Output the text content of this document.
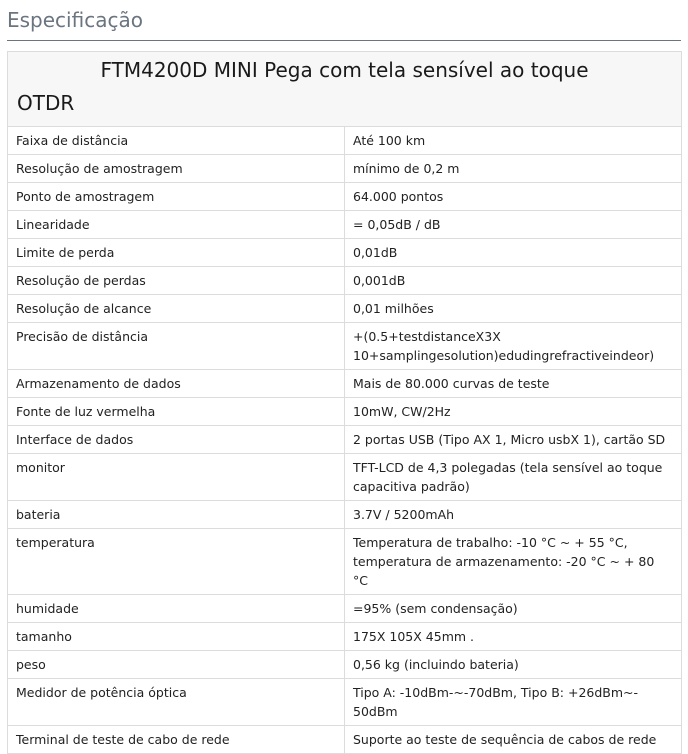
Especificação
FTM4200D MINI Pega com tela sensível ao toque
OTDR	

Faixa de distância	Até 100 km
Resolução de amostragem	mínimo de 0,2 m
Ponto de amostragem	64.000 pontos
Linearidade	= 0,05dB / dB
Limite de perda	0,01dB
Resolução de perdas	0,001dB
Resolução de alcance	0,01 milhões
Precisão de distância	+(0.5+testdistanceX3X 10+samplingesolution)edudingrefractiveindeor)
Armazenamento de dados	Mais de 80.000 curvas de teste
Fonte de luz vermelha	10mW, CW/2Hz
Interface de dados	2 portas USB (Tipo AX 1, Micro usbX 1), cartão SD
monitor	TFT-LCD de 4,3 polegadas (tela sensível ao toque capacitiva padrão)
bateria	3.7V / 5200mAh
temperatura	Temperatura de trabalho: -10 °C ~ + 55 °C, temperatura de armazenamento: -20 °C ~ + 80 °C
humidade	=95% (sem condensação)
tamanho	175X 105X 45mm .
peso	0,56 kg (incluindo bateria)
Medidor de potência óptica	Tipo A: -10dBm-~-70dBm, Tipo B: +26dBm~- 50dBm
Terminal de teste de cabo de rede	Suporte ao teste de sequência de cabos de rede
